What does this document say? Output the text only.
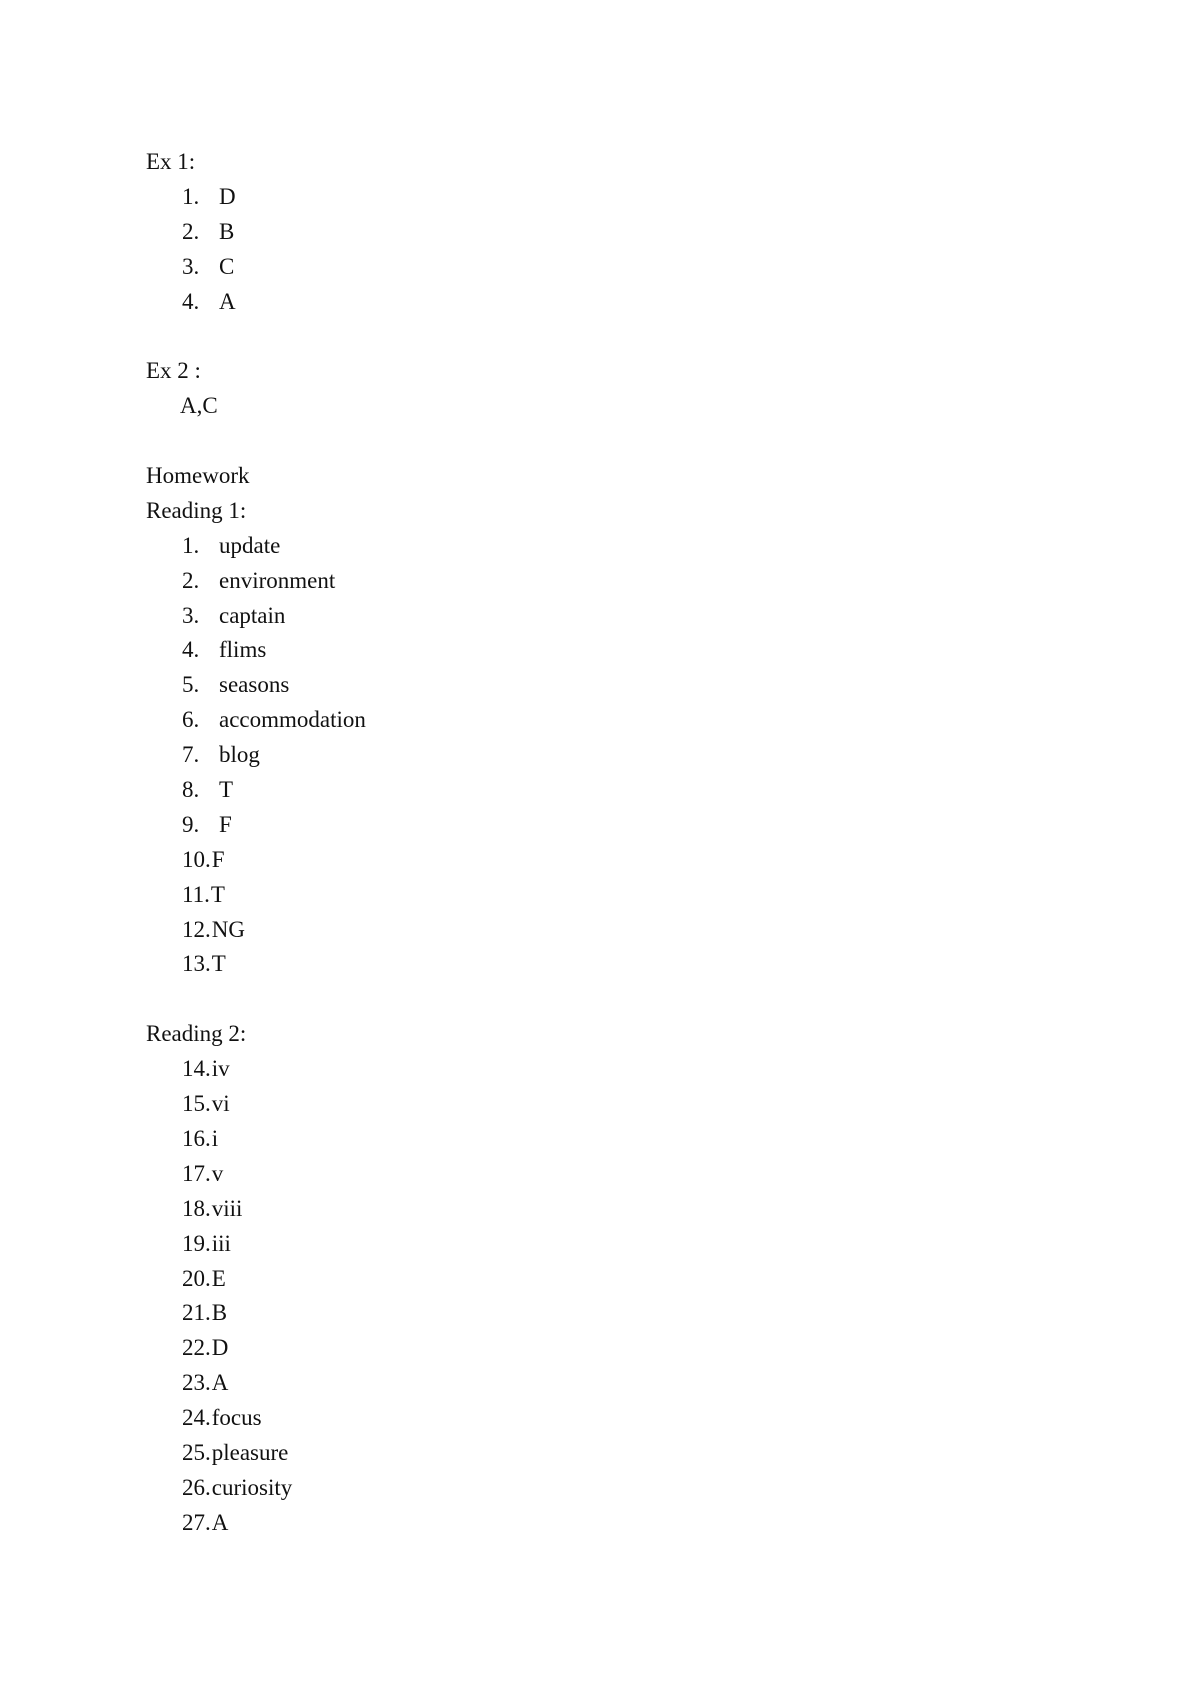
Ex 1:
1. D
2. B
3. C
4. A
Ex 2 :
A,C
Homework
Reading 1:
1. update
2. environment
3. captain
4. flims
5. seasons
6. accommodation
7. blog
8. T
9. F
10. F
11. T
12. NG
13. T
Reading 2:
14. iv
15. vi
16. i
17. v
18. viii
19. iii
20. E
21. B
22. D
23. A
24. focus
25. pleasure
26. curiosity
27. A
